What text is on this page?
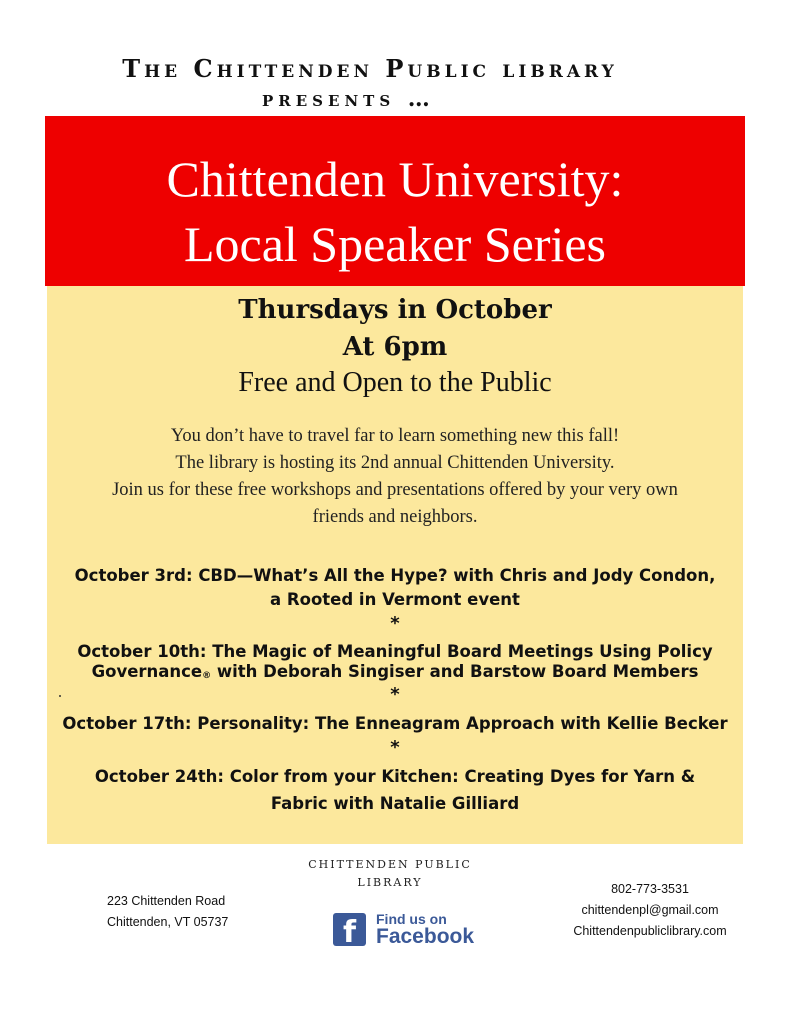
The Chittenden Public library
presents …
Chittenden University:
Local Speaker Series
Thursdays in October
At 6pm
Free and Open to the Public
You don’t have to travel far to learn something new this fall!
The library is hosting its 2nd annual Chittenden University.
Join us for these free workshops and presentations offered by your very own
friends and neighbors.
October 3rd: CBD—What’s All the Hype? with Chris and Jody Condon,
a Rooted in Vermont event
*
October 10th: The Magic of Meaningful Board Meetings Using Policy
Governance® with Deborah Singiser and Barstow Board Members
*
October 17th: Personality: The Enneagram Approach with Kellie Becker
*
October 24th: Color from your Kitchen: Creating Dyes for Yarn &
Fabric with Natalie Gilliard
CHITTENDEN PUBLIC
LIBRARY
223 Chittenden Road
Chittenden, VT 05737	f	Find us on
Facebook
802-773-3531
chittendenpl@gmail.com
Chittendenpubliclibrary.com
